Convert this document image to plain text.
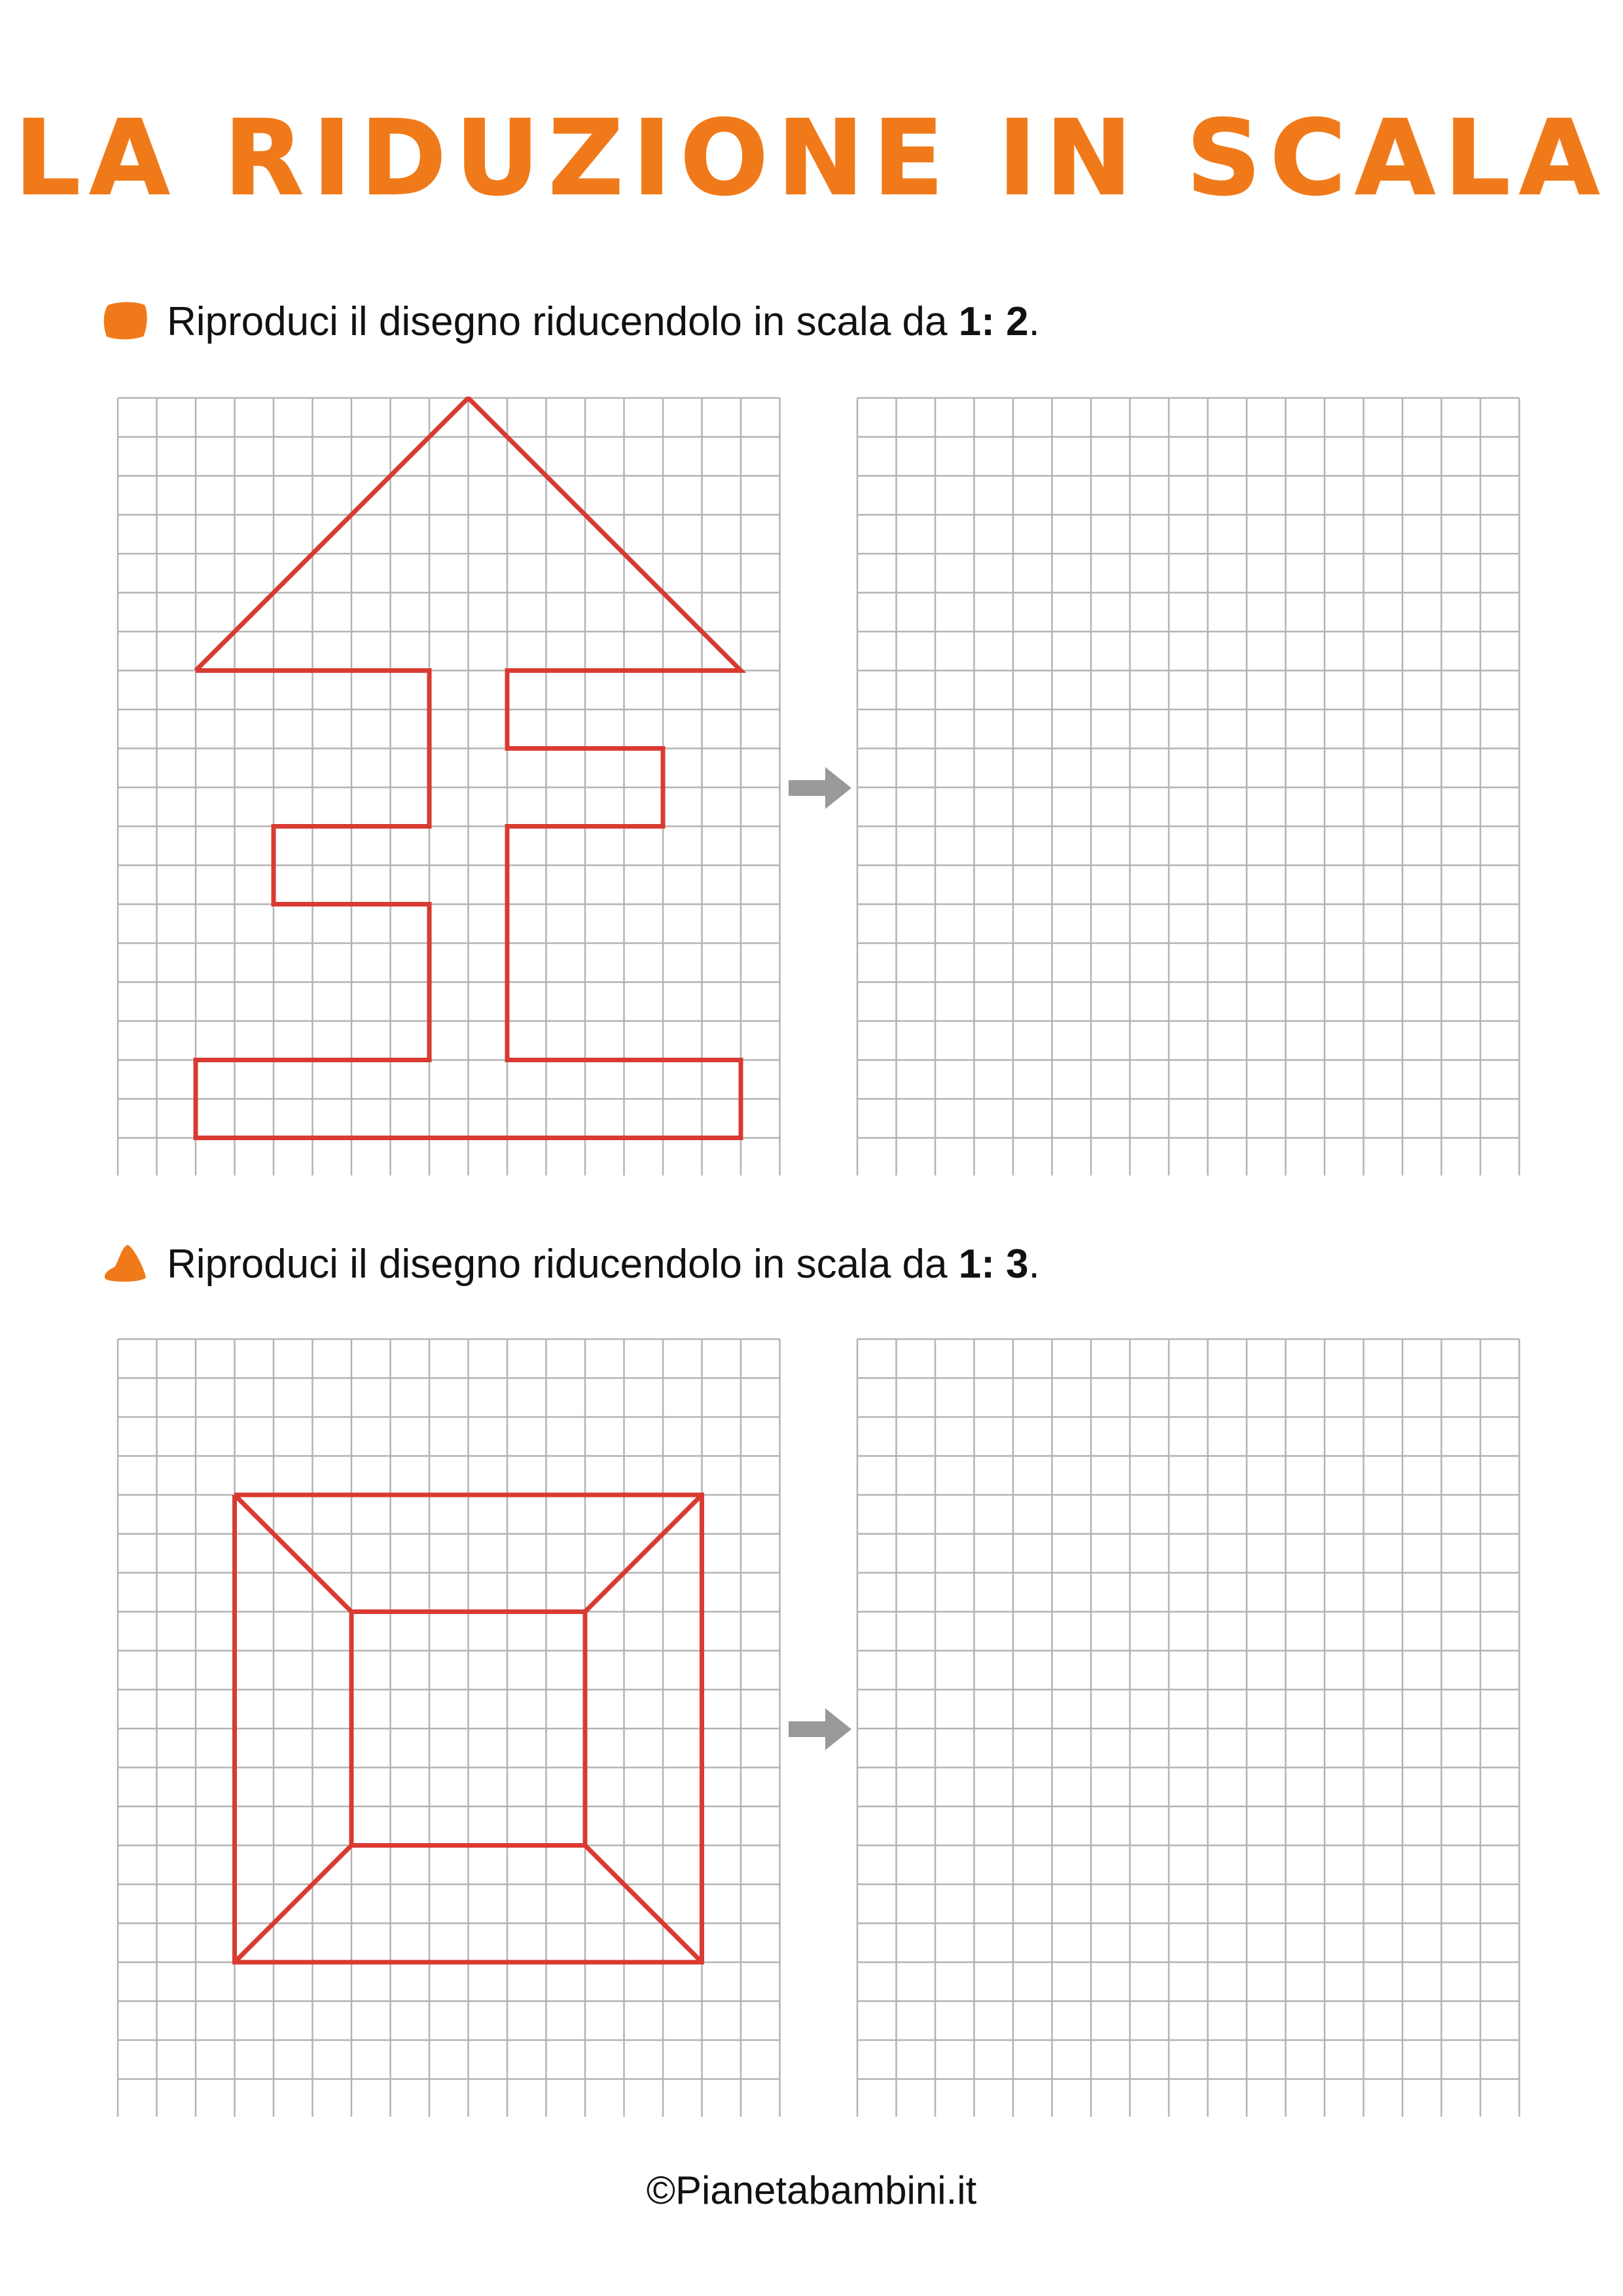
LA RIDUZIONE IN SCALA
Riproduci il disegno riducendolo in scala da 1: 2.
Riproduci il disegno riducendolo in scala da 1: 3.
©Pianetabambini.it
